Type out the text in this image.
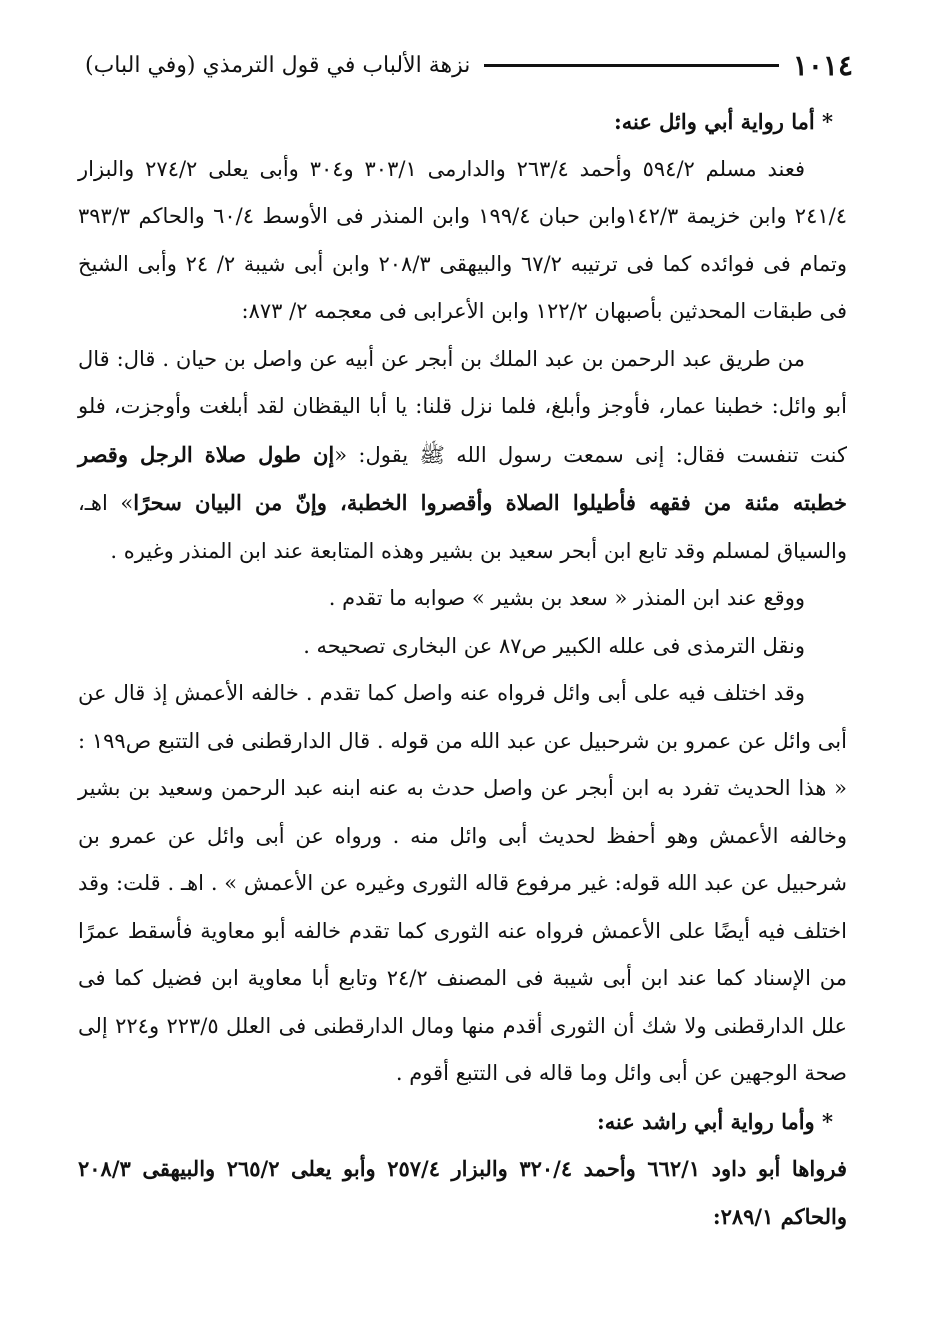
١٠١٤
نزهة الألباب في قول الترمذي (وفي الباب)

* أما رواية أبي وائل عنه:

فعند مسلم ٥٩٤/٢ وأحمد ٢٦٣/٤ والدارمى ٣٠٣/١ و٣٠٤ وأبى يعلى ٢٧٤/٢ والبزار ٢٤١/٤ وابن خزيمة ١٤٢/٣وابن حبان ١٩٩/٤ وابن المنذر فى الأوسط ٦٠/٤ والحاكم ٣٩٣/٣ وتمام فى فوائده كما فى ترتيبه ٦٧/٢ والبيهقى ٢٠٨/٣ وابن أبى شيبة ٢/ ٢٤ وأبى الشيخ فى طبقات المحدثين بأصبهان ١٢٢/٢ وابن الأعرابى فى معجمه ٢/ ٨٧٣:

من طريق عبد الرحمن بن عبد الملك بن أبجر عن أبيه عن واصل بن حيان . قال: قال أبو وائل: خطبنا عمار، فأوجز وأبلغ، فلما نزل قلنا: يا أبا اليقظان لقد أبلغت وأوجزت، فلو كنت تنفست فقال: إنى سمعت رسول الله ﷺ يقول: «إن طول صلاة الرجل وقصر خطبته مئنة من فقهه فأطيلوا الصلاة وأقصروا الخطبة، وإنّ من البيان سحرًا» اهـ، والسياق لمسلم وقد تابع ابن أبحر سعيد بن بشير وهذه المتابعة عند ابن المنذر وغيره .

ووقع عند ابن المنذر « سعد بن بشير » صوابه ما تقدم .

ونقل الترمذى فى علله الكبير ص٨٧ عن البخارى تصحيحه .

وقد اختلف فيه على أبى وائل فرواه عنه واصل كما تقدم . خالفه الأعمش إذ قال عن أبى وائل عن عمرو بن شرحبيل عن عبد الله من قوله . قال الدارقطنى فى التتبع ص١٩٩ : « هذا الحديث تفرد به ابن أبجر عن واصل حدث به عنه ابنه عبد الرحمن وسعيد بن بشير وخالفه الأعمش وهو أحفظ لحديث أبى وائل منه . ورواه عن أبى وائل عن عمرو بن شرحبيل عن عبد الله قوله: غير مرفوع قاله الثورى وغيره عن الأعمش » . اهـ . قلت: وقد اختلف فيه أيضًا على الأعمش فرواه عنه الثورى كما تقدم خالفه أبو معاوية فأسقط عمرًا من الإسناد كما عند ابن أبى شيبة فى المصنف ٢٤/٢ وتابع أبا معاوية ابن فضيل كما فى علل الدارقطنى ولا شك أن الثورى أقدم منها ومال الدارقطنى فى العلل ٢٢٣/٥ و٢٢٤ إلى صحة الوجهين عن أبى وائل وما قاله فى التتبع أقوم .

* وأما رواية أبي راشد عنه:

فرواها أبو داود ٦٦٢/١ وأحمد ٣٢٠/٤ والبزار ٢٥٧/٤ وأبو يعلى ٢٦٥/٢ والبيهقى ٢٠٨/٣ والحاكم ٢٨٩/١:
